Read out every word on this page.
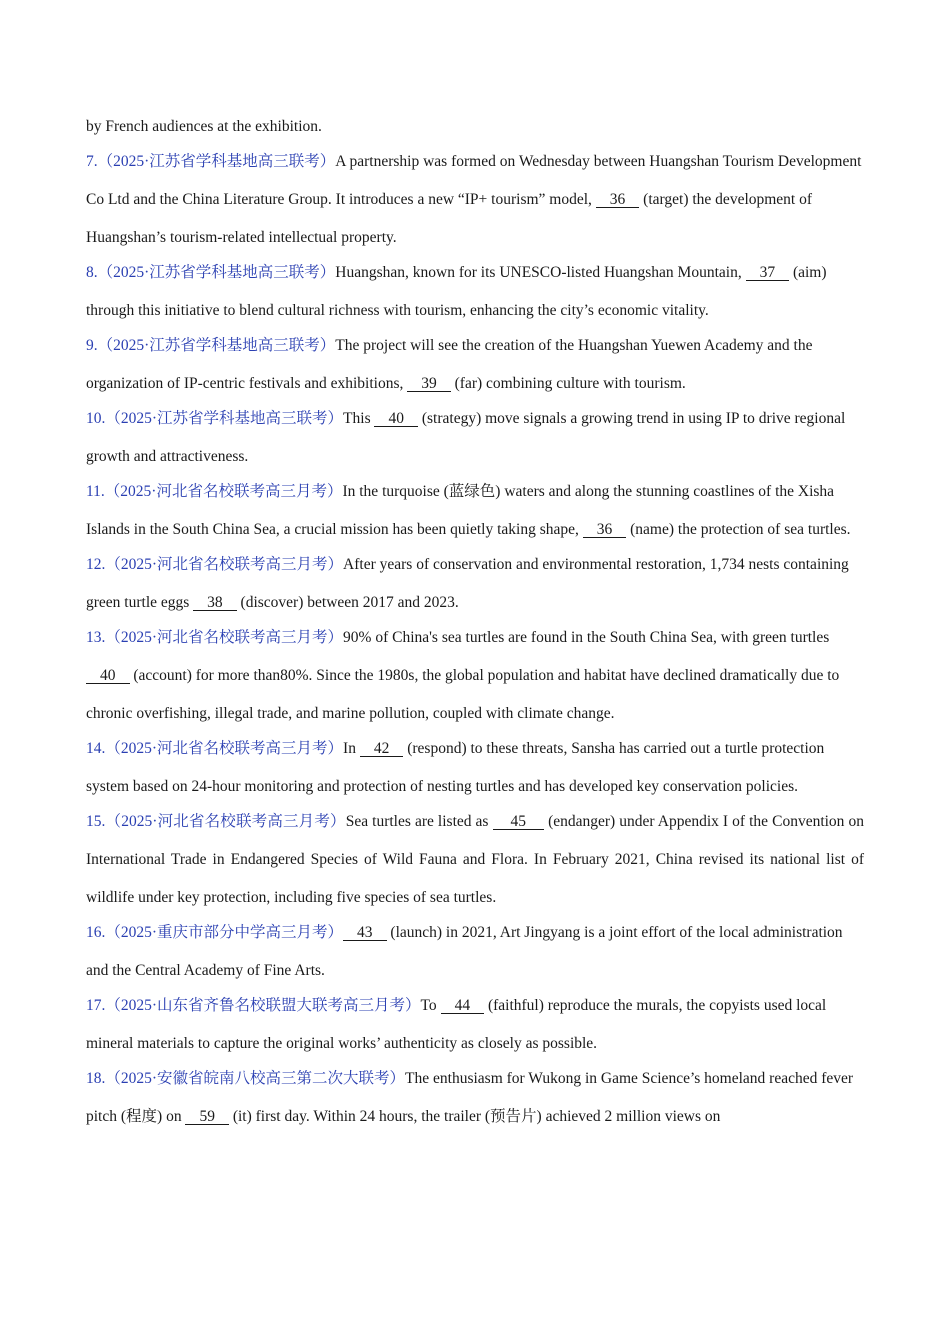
by French audiences at the exhibition.

7.（2025·江苏省学科基地高三联考）A partnership was formed on Wednesday between Huangshan Tourism Development Co Ltd and the China Literature Group. It introduces a new “IP+ tourism” model, 36 (target) the development of Huangshan’s tourism-related intellectual property.

8.（2025·江苏省学科基地高三联考）Huangshan, known for its UNESCO-listed Huangshan Mountain, 37 (aim) through this initiative to blend cultural richness with tourism, enhancing the city’s economic vitality.

9.（2025·江苏省学科基地高三联考）The project will see the creation of the Huangshan Yuewen Academy and the organization of IP-centric festivals and exhibitions, 39 (far) combining culture with tourism.

10.（2025·江苏省学科基地高三联考）This 40 (strategy) move signals a growing trend in using IP to drive regional growth and attractiveness.

11.（2025·河北省名校联考高三月考）In the turquoise (蓝绿色) waters and along the stunning coastlines of the Xisha Islands in the South China Sea, a crucial mission has been quietly taking shape, 36 (name) the protection of sea turtles.

12.（2025·河北省名校联考高三月考）After years of conservation and environmental restoration, 1,734 nests containing green turtle eggs 38 (discover) between 2017 and 2023.

13.（2025·河北省名校联考高三月考）90% of China's sea turtles are found in the South China Sea, with green turtles 40 (account) for more than80%. Since the 1980s, the global population and habitat have declined dramatically due to chronic overfishing, illegal trade, and marine pollution, coupled with climate change.

14.（2025·河北省名校联考高三月考）In 42 (respond) to these threats, Sansha has carried out a turtle protection system based on 24-hour monitoring and protection of nesting turtles and has developed key conservation policies.

15.（2025·河北省名校联考高三月考）Sea turtles are listed as 45 (endanger) under Appendix I of the Convention on International Trade in Endangered Species of Wild Fauna and Flora. In February 2021, China revised its national list of wildlife under key protection, including five species of sea turtles.

16.（2025·重庆市部分中学高三月考） 43 (launch) in 2021, Art Jingyang is a joint effort of the local administration and the Central Academy of Fine Arts.

17.（2025·山东省齐鲁名校联盟大联考高三月考）To 44 (faithful) reproduce the murals, the copyists used local mineral materials to capture the original works’ authenticity as closely as possible.

18.（2025·安徽省皖南八校高三第二次大联考）The enthusiasm for Wukong in Game Science’s homeland reached fever pitch (程度) on 59 (it) first day. Within 24 hours, the trailer (预告片) achieved 2 million views on
